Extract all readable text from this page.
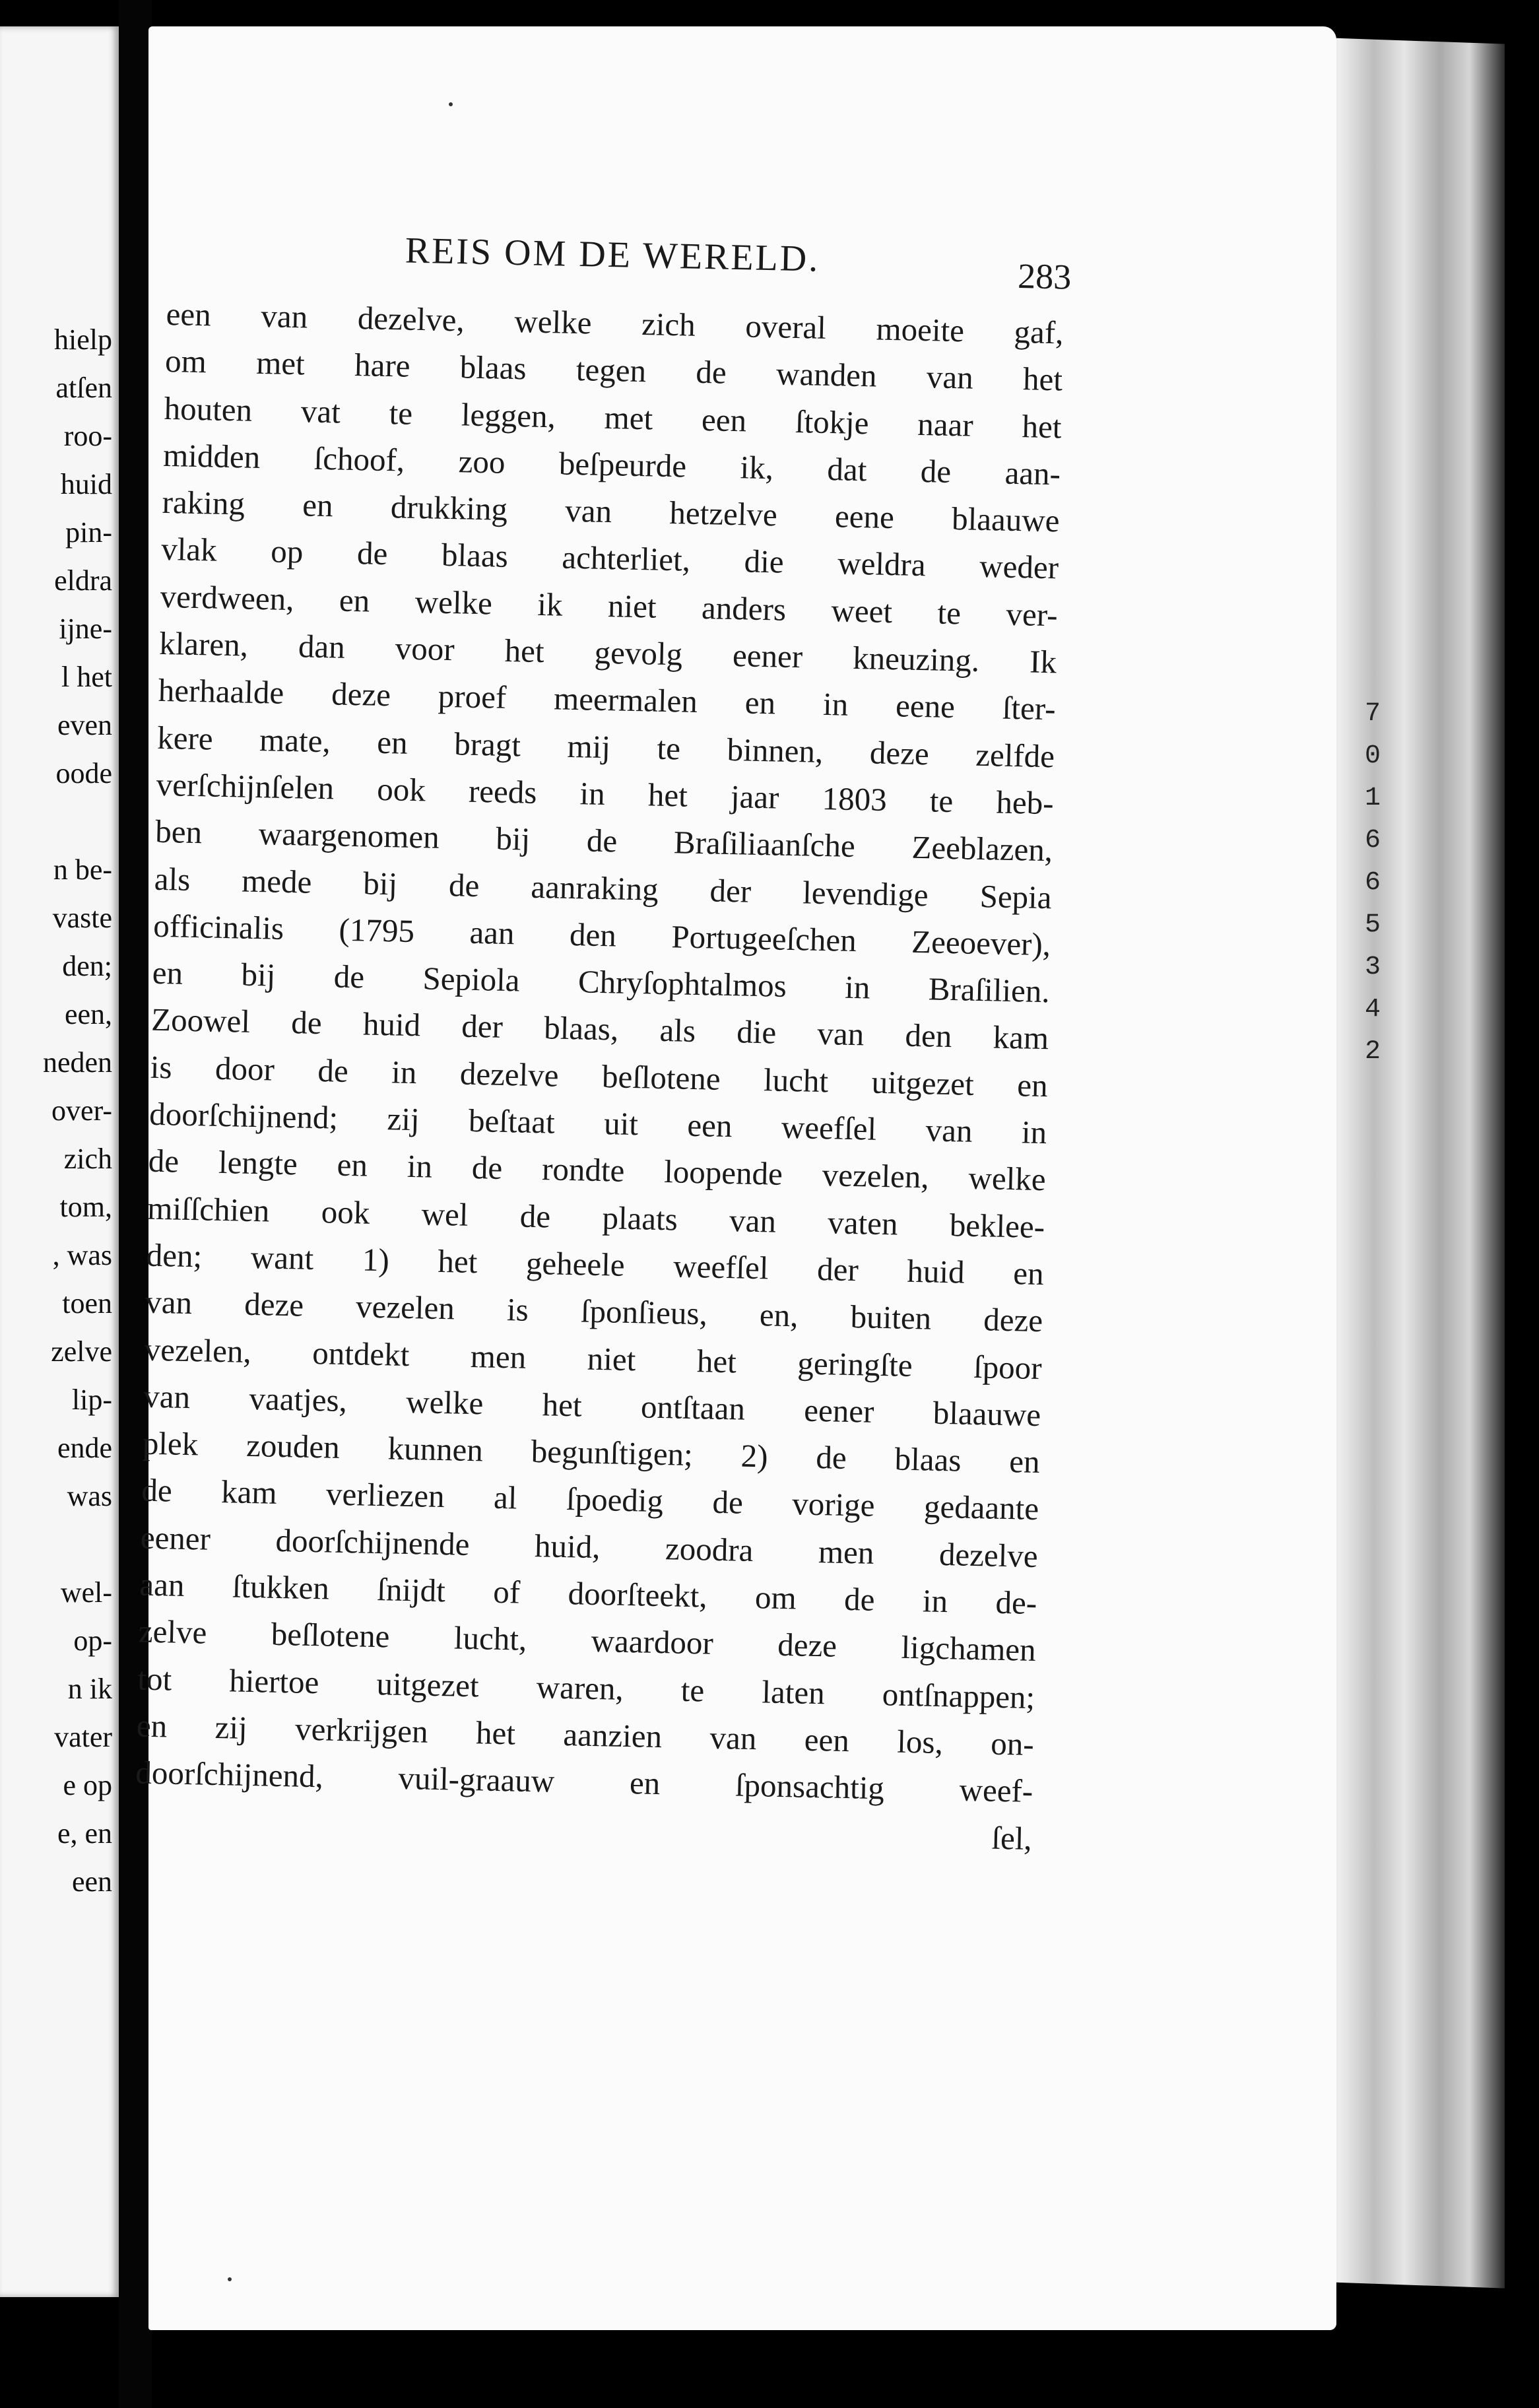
hielp
atſen
roo-
huid
pin-
eldra
ijne-
l het
even
oode
n be-
vaste
den;
een,
neden
over-
zich
tom,
, was
toen
zelve
lip-
ende
was
wel-
op-
n ik
vater
e op
e, en
een
7
0
1
6
6
5
3
4
2
REIS OM DE WERELD.	283
een van dezelve, welke zich overal moeite gaf,
om met hare blaas tegen de wanden van het
houten vat te leggen, met een ſtokje naar het
midden ſchoof, zoo beſpeurde ik, dat de aan-
raking en drukking van hetzelve eene blaauwe
vlak op de blaas achterliet, die weldra weder
verdween, en welke ik niet anders weet te ver-
klaren, dan voor het gevolg eener kneuzing. Ik
herhaalde deze proef meermalen en in eene ſter-
kere mate, en bragt mij te binnen, deze zelfde
verſchijnſelen ook reeds in het jaar 1803 te heb-
ben waargenomen bij de Braſiliaanſche Zeeblazen,
als mede bij de aanraking der levendige Sepia
officinalis (1795 aan den Portugeeſchen Zeeoever),
en bij de Sepiola Chryſophtalmos in Braſilien.
Zoowel de huid der blaas, als die van den kam
is door de in dezelve beſlotene lucht uitgezet en
doorſchijnend; zij beſtaat uit een weefſel van in
de lengte en in de rondte loopende vezelen, welke
miſſchien ook wel de plaats van vaten beklee-
den; want 1) het geheele weefſel der huid en
van deze vezelen is ſponſieus, en, buiten deze
vezelen, ontdekt men niet het geringſte ſpoor
van vaatjes, welke het ontſtaan eener blaauwe
plek zouden kunnen begunſtigen; 2) de blaas en
de kam verliezen al ſpoedig de vorige gedaante
eener doorſchijnende huid, zoodra men dezelve
aan ſtukken ſnijdt of doorſteekt, om de in de-
zelve beſlotene lucht, waardoor deze ligchamen
tot hiertoe uitgezet waren, te laten ontſnappen;
en zij verkrijgen het aanzien van een los, on-
doorſchijnend, vuil-graauw en ſponsachtig weef-
ſel,
